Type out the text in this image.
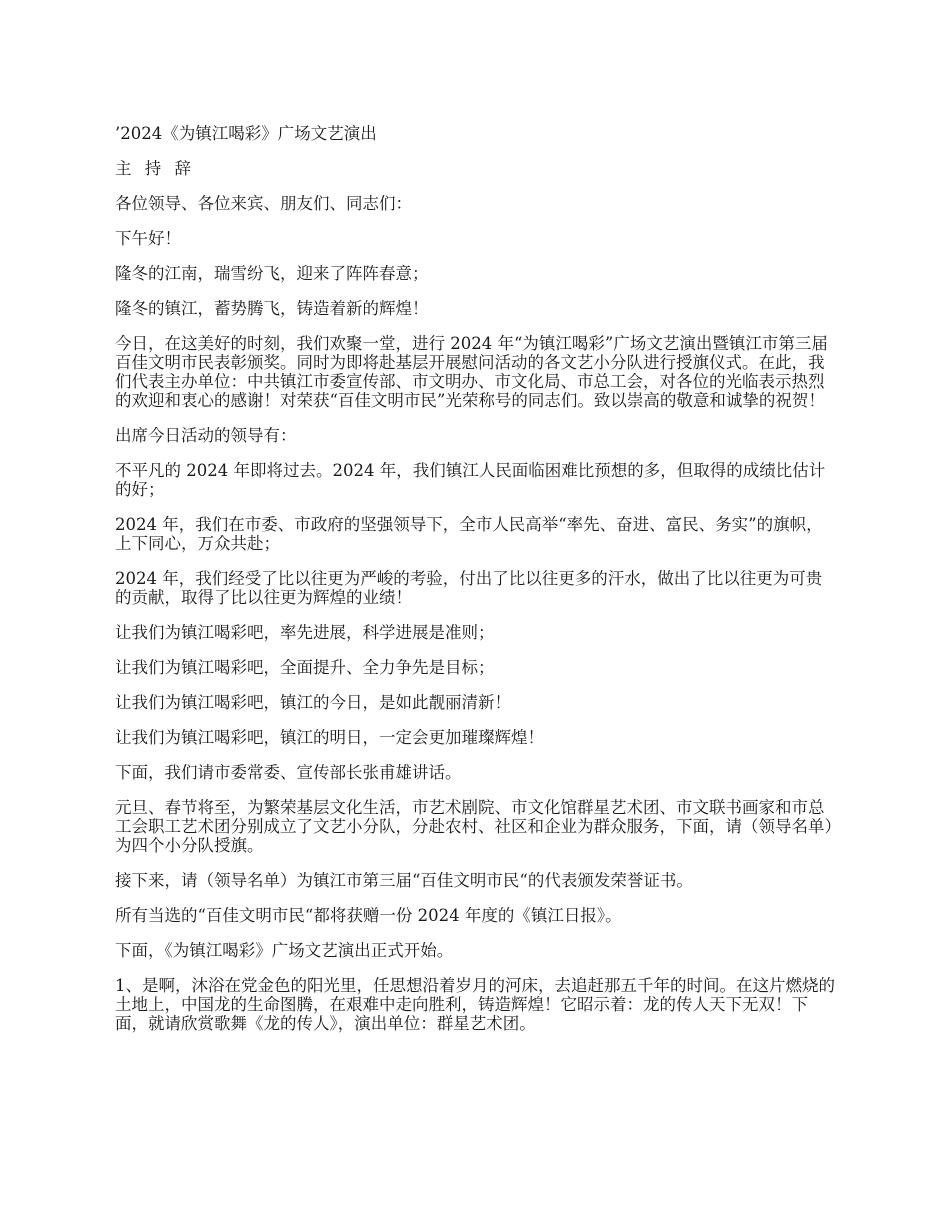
’2024《为镇江喝彩》广场文艺演出

主 持 辞

各位领导、各位来宾、朋友们、同志们：

下午好！

隆冬的江南，瑞雪纷飞，迎来了阵阵春意；

隆冬的镇江，蓄势腾飞，铸造着新的辉煌！

今日，在这美好的时刻，我们欢聚一堂，进行 2024 年“为镇江喝彩”广场文艺演出暨镇江市第三届百佳文明市民表彰颁奖。同时为即将赴基层开展慰问活动的各文艺小分队进行授旗仪式。在此，我们代表主办单位：中共镇江市委宣传部、市文明办、市文化局、市总工会，对各位的光临表示热烈的欢迎和衷心的感谢！对荣获“百佳文明市民”光荣称号的同志们。致以崇高的敬意和诚挚的祝贺！

出席今日活动的领导有：

不平凡的 2024 年即将过去。2024 年，我们镇江人民面临困难比预想的多，但取得的成绩比估计的好；

2024 年，我们在市委、市政府的坚强领导下，全市人民高举“率先、奋进、富民、务实”的旗帜，上下同心，万众共赴；

2024 年，我们经受了比以往更为严峻的考验，付出了比以往更多的汗水，做出了比以往更为可贵的贡献，取得了比以往更为辉煌的业绩！

让我们为镇江喝彩吧，率先进展，科学进展是准则；

让我们为镇江喝彩吧，全面提升、全力争先是目标；

让我们为镇江喝彩吧，镇江的今日，是如此靓丽清新！

让我们为镇江喝彩吧，镇江的明日，一定会更加璀璨辉煌！

下面，我们请市委常委、宣传部长张甫雄讲话。

元旦、春节将至，为繁荣基层文化生活，市艺术剧院、市文化馆群星艺术团、市文联书画家和市总工会职工艺术团分别成立了文艺小分队，分赴农村、社区和企业为群众服务，下面，请（领导名单）为四个小分队授旗。

接下来，请（领导名单）为镇江市第三届“百佳文明市民“的代表颁发荣誉证书。

所有当选的“百佳文明市民“都将获赠一份 2024 年度的《镇江日报》。

下面，《为镇江喝彩》广场文艺演出正式开始。

1、是啊，沐浴在党金色的阳光里，任思想沿着岁月的河床，去追赶那五千年的时间。在这片燃烧的土地上，中国龙的生命图腾，在艰难中走向胜利，铸造辉煌！它昭示着：龙的传人天下无双！下面，就请欣赏歌舞《龙的传人》，演出单位：群星艺术团。
